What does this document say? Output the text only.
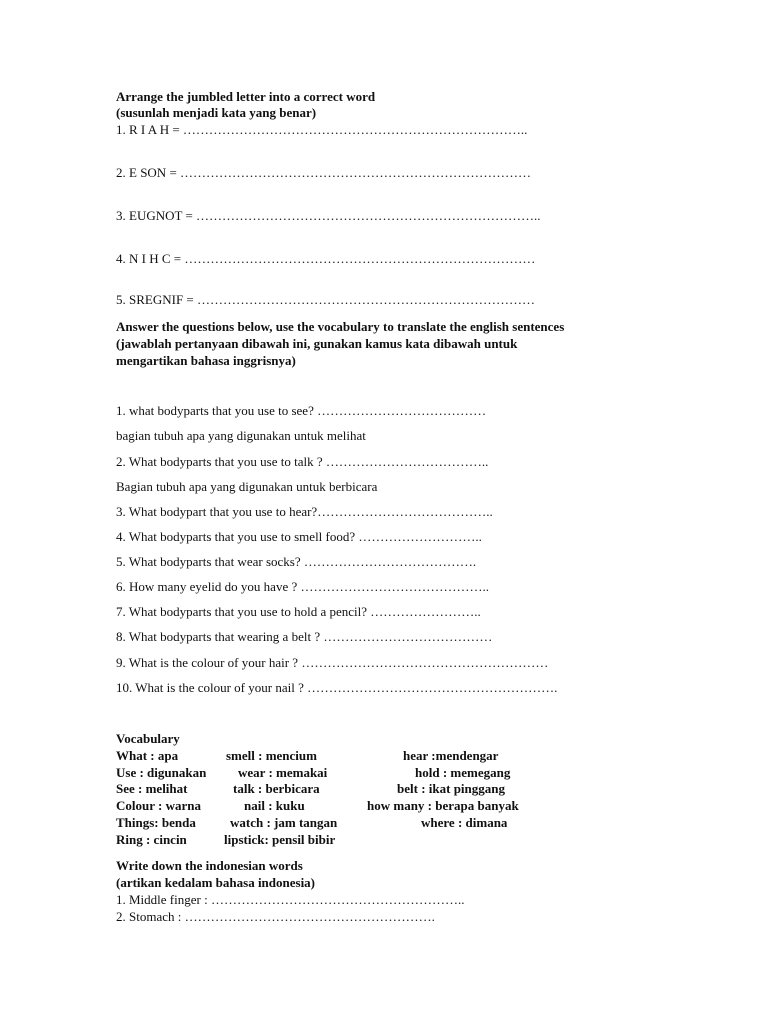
Arrange the jumbled letter into a correct word
(susunlah menjadi kata yang benar)
1. R I A H = ……………………………………………………………………..
2. E SON = ………………………………………………………………………
3. EUGNOT = ……………………………………………………………………..
4. N I H C = ………………………………………………………………………
5. SREGNIF = ……………………………………………………………………
Answer the questions below, use the vocabulary to translate the english sentences
(jawablah pertanyaan dibawah ini, gunakan kamus kata dibawah untuk
mengartikan bahasa inggrisnya)
1. what bodyparts that you use to see? …………………………………
bagian tubuh apa yang digunakan untuk melihat
2. What bodyparts that you use to talk ? ………………………………..
Bagian tubuh apa yang digunakan untuk berbicara
3. What bodypart that you use to hear?…………………………………..
4. What bodyparts that you use to smell food? ………………………..
5. What bodyparts that wear socks? ………………………………….
6. How many eyelid do you have ? ……………………………………..
7. What bodyparts that you use to hold a pencil? ……………………..
8. What bodyparts that wearing a belt ? …………………………………
9. What is the colour of your hair ? …………………………………………………
10. What is the colour of your nail ? ………………………………………………….
Vocabulary
What : apa	smell : mencium	hear :mendengar
Use : digunakan wear : memakai	hold : memegang
See : melihat	talk : berbicara	belt : ikat pinggang
Colour : warna	nail : kuku	how many : berapa banyak
Things: benda	watch : jam tangan	where : dimana
Ring : cincin	lipstick: pensil bibir
Write down the indonesian words
(artikan kedalam bahasa indonesia)
1. Middle finger : …………………………………………………..
2. Stomach : ………………………………………………….
